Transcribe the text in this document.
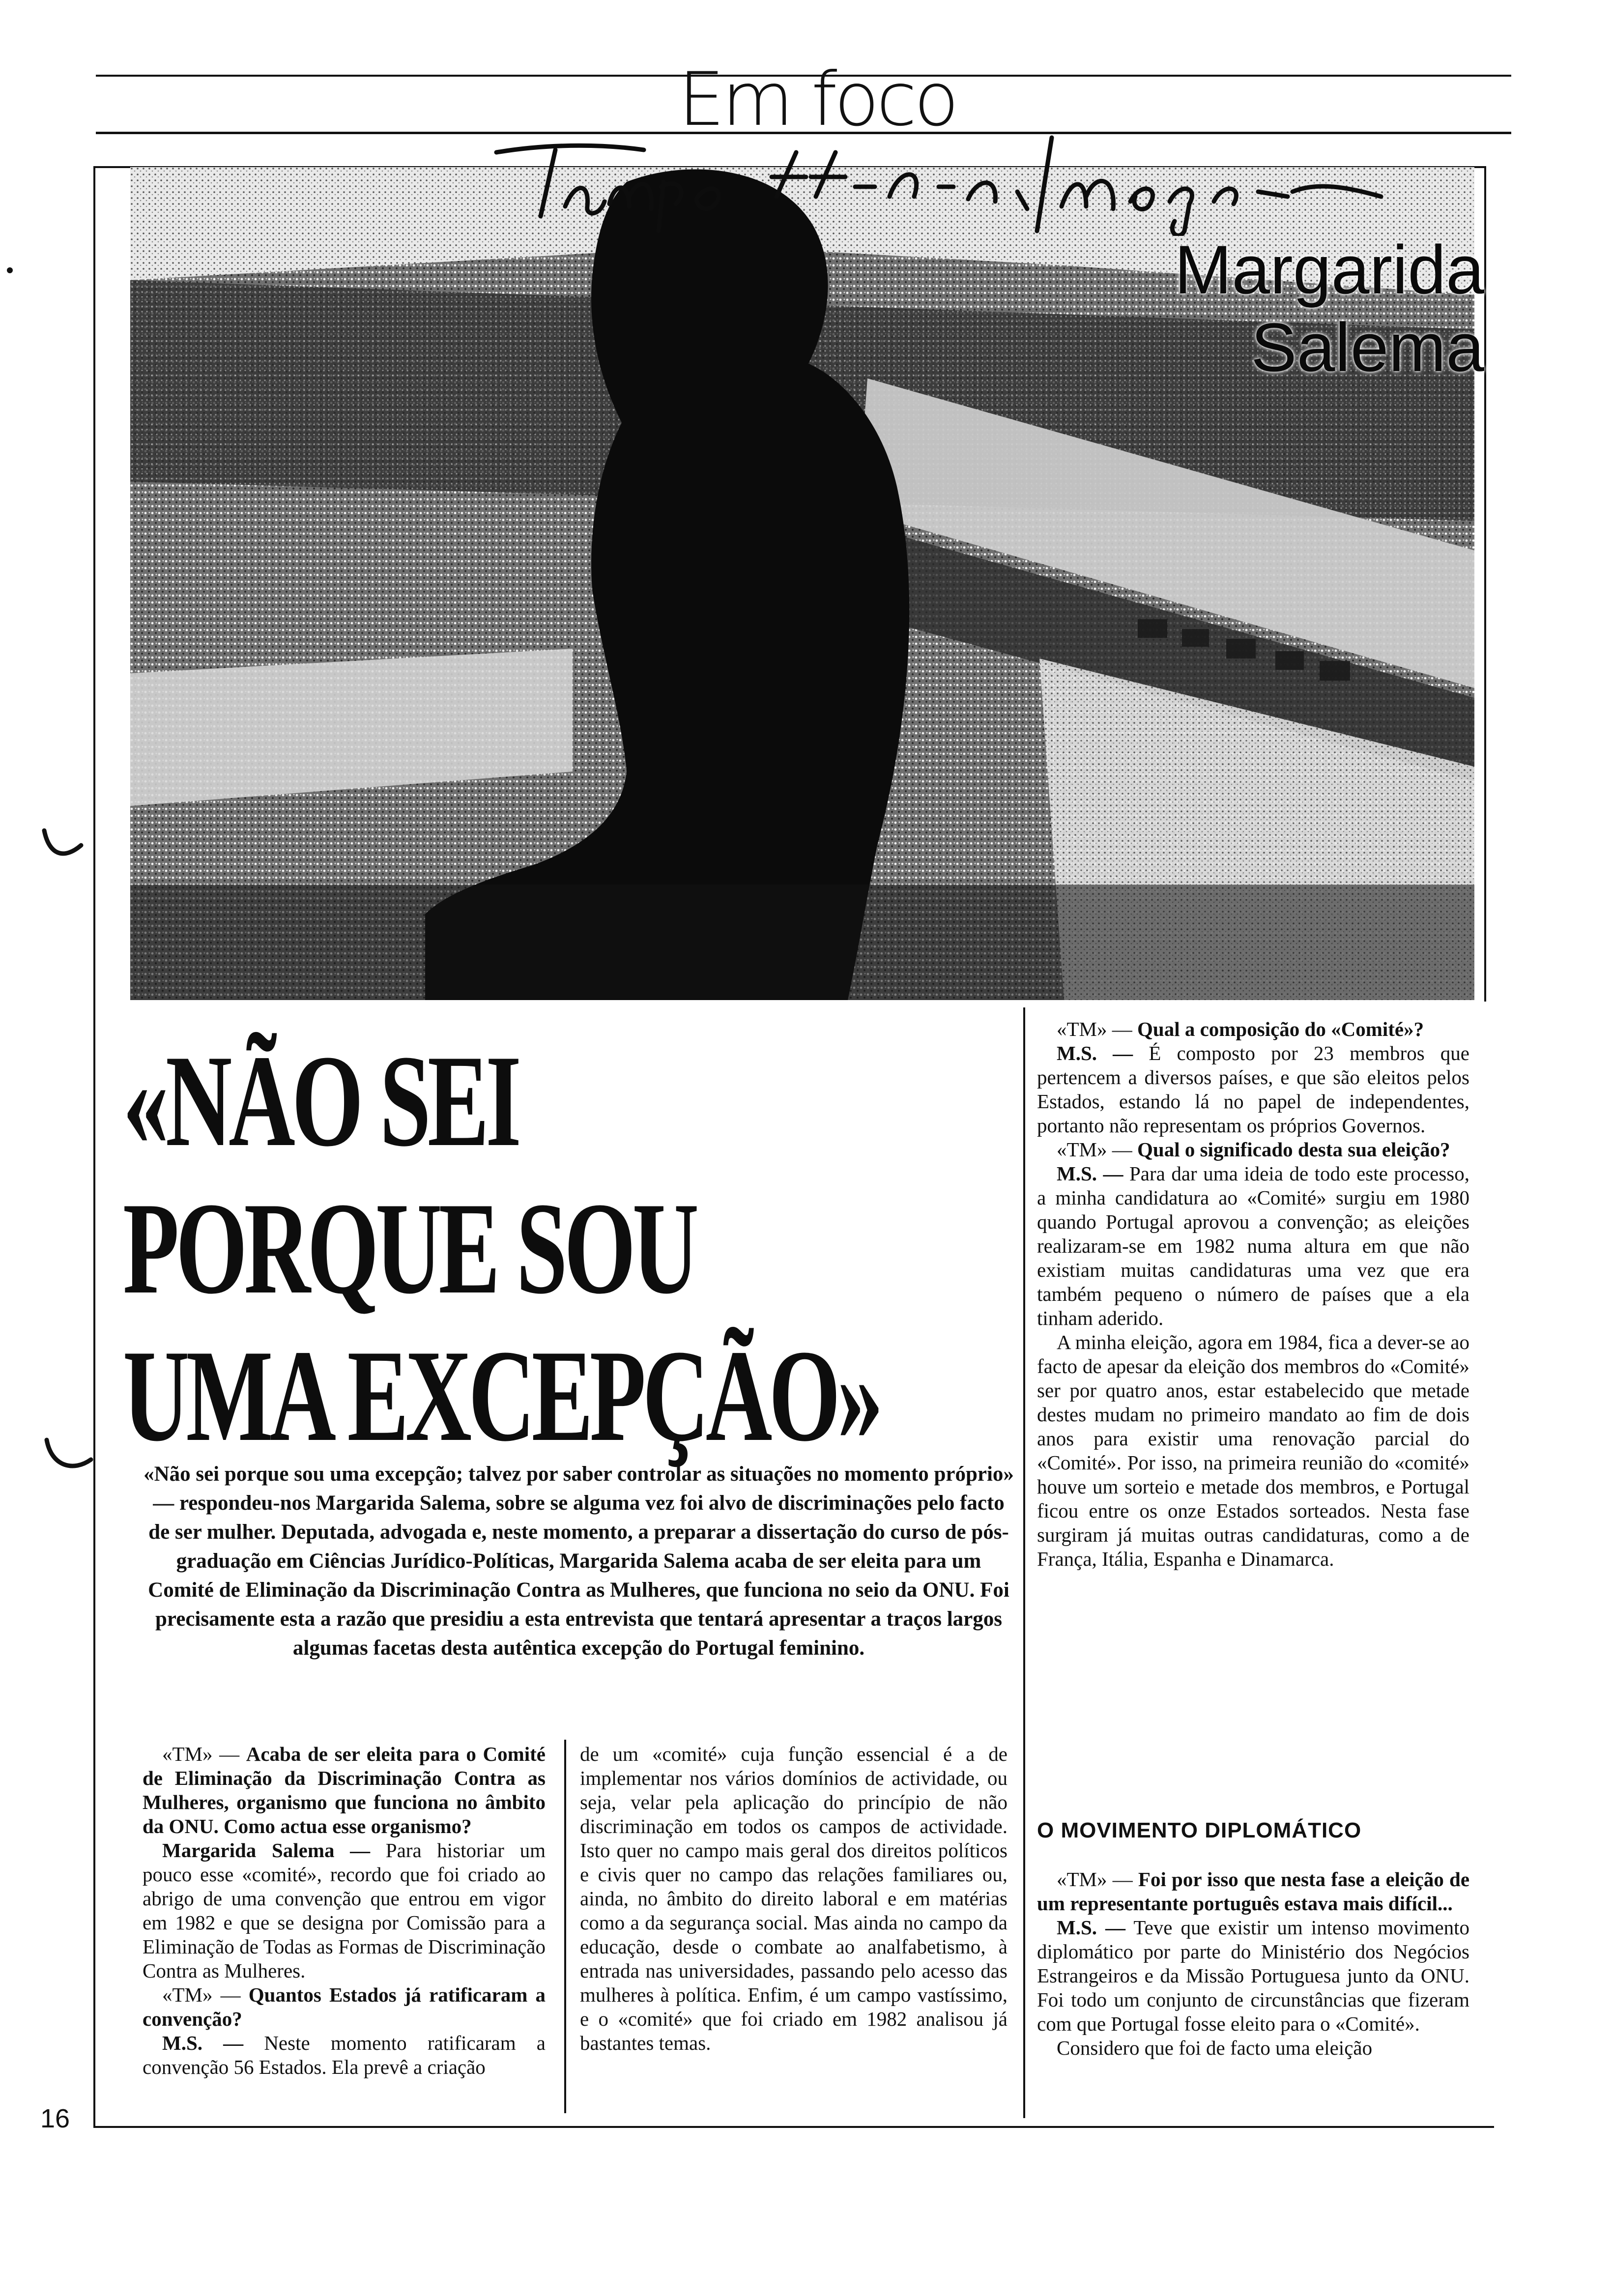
Em foco
Margarida
Salema
«NÃO SEI
PORQUE SOU
UMA EXCEPÇÃO»
«Não sei porque sou uma excepção; talvez por saber controlar as situações no momento próprio» — respondeu-nos Margarida Salema, sobre se alguma vez foi alvo de discriminações pelo facto de ser mulher. Deputada, advogada e, neste momento, a preparar a dissertação do curso de pós-graduação em Ciências Jurídico-Políticas, Margarida Salema acaba de ser eleita para um Comité de Eliminação da Discriminação Contra as Mulheres, que funciona no seio da ONU. Foi precisamente esta a razão que presidiu a esta entrevista que tentará apresentar a traços largos algumas facetas desta autêntica excepção do Portugal feminino.

«TM» — Acaba de ser eleita para o Comité de Eliminação da Discriminação Contra as Mulheres, organismo que funciona no âmbito da ONU. Como actua esse organismo?

Margarida Salema — Para historiar um pouco esse «comité», recordo que foi criado ao abrigo de uma convenção que entrou em vigor em 1982 e que se designa por Comissão para a Eliminação de Todas as Formas de Discriminação Contra as Mulheres.

«TM» — Quantos Estados já ratificaram a convenção?

M.S. — Neste momento ratificaram a convenção 56 Estados. Ela prevê a criação

de um «comité» cuja função essencial é a de implementar nos vários domínios de actividade, ou seja, velar pela aplicação do princípio de não discriminação em todos os campos de actividade. Isto quer no campo mais geral dos direitos políticos e civis quer no campo das relações familiares ou, ainda, no âmbito do direito laboral e em matérias como a da segurança social. Mas ainda no campo da educação, desde o combate ao analfabetismo, à entrada nas universidades, passando pelo acesso das mulheres à política. Enfim, é um campo vastíssimo, e o «comité» que foi criado em 1982 analisou já bastantes temas.

«TM» — Qual a composição do «Comité»?

M.S. — É composto por 23 membros que pertencem a diversos países, e que são eleitos pelos Estados, estando lá no papel de independentes, portanto não representam os próprios Governos.

«TM» — Qual o significado desta sua eleição?

M.S. — Para dar uma ideia de todo este processo, a minha candidatura ao «Comité» surgiu em 1980 quando Portugal aprovou a convenção; as eleições realizaram-se em 1982 numa altura em que não existiam muitas candidaturas uma vez que era também pequeno o número de países que a ela tinham aderido.

A minha eleição, agora em 1984, fica a dever-se ao facto de apesar da eleição dos membros do «Comité» ser por quatro anos, estar estabelecido que metade destes mudam no primeiro mandato ao fim de dois anos para existir uma renovação parcial do «Comité». Por isso, na primeira reunião do «comité» houve um sorteio e metade dos membros, e Portugal ficou entre os onze Estados sorteados. Nesta fase surgiram já muitas outras candidaturas, como a de França, Itália, Espanha e Dinamarca.

O MOVIMENTO DIPLOMÁTICO

«TM» — Foi por isso que nesta fase a eleição de um representante português estava mais difícil...

M.S. — Teve que existir um intenso movimento diplomático por parte do Ministério dos Negócios Estrangeiros e da Missão Portuguesa junto da ONU. Foi todo um conjunto de circunstâncias que fizeram com que Portugal fosse eleito para o «Comité».

Considero que foi de facto uma eleição

16
